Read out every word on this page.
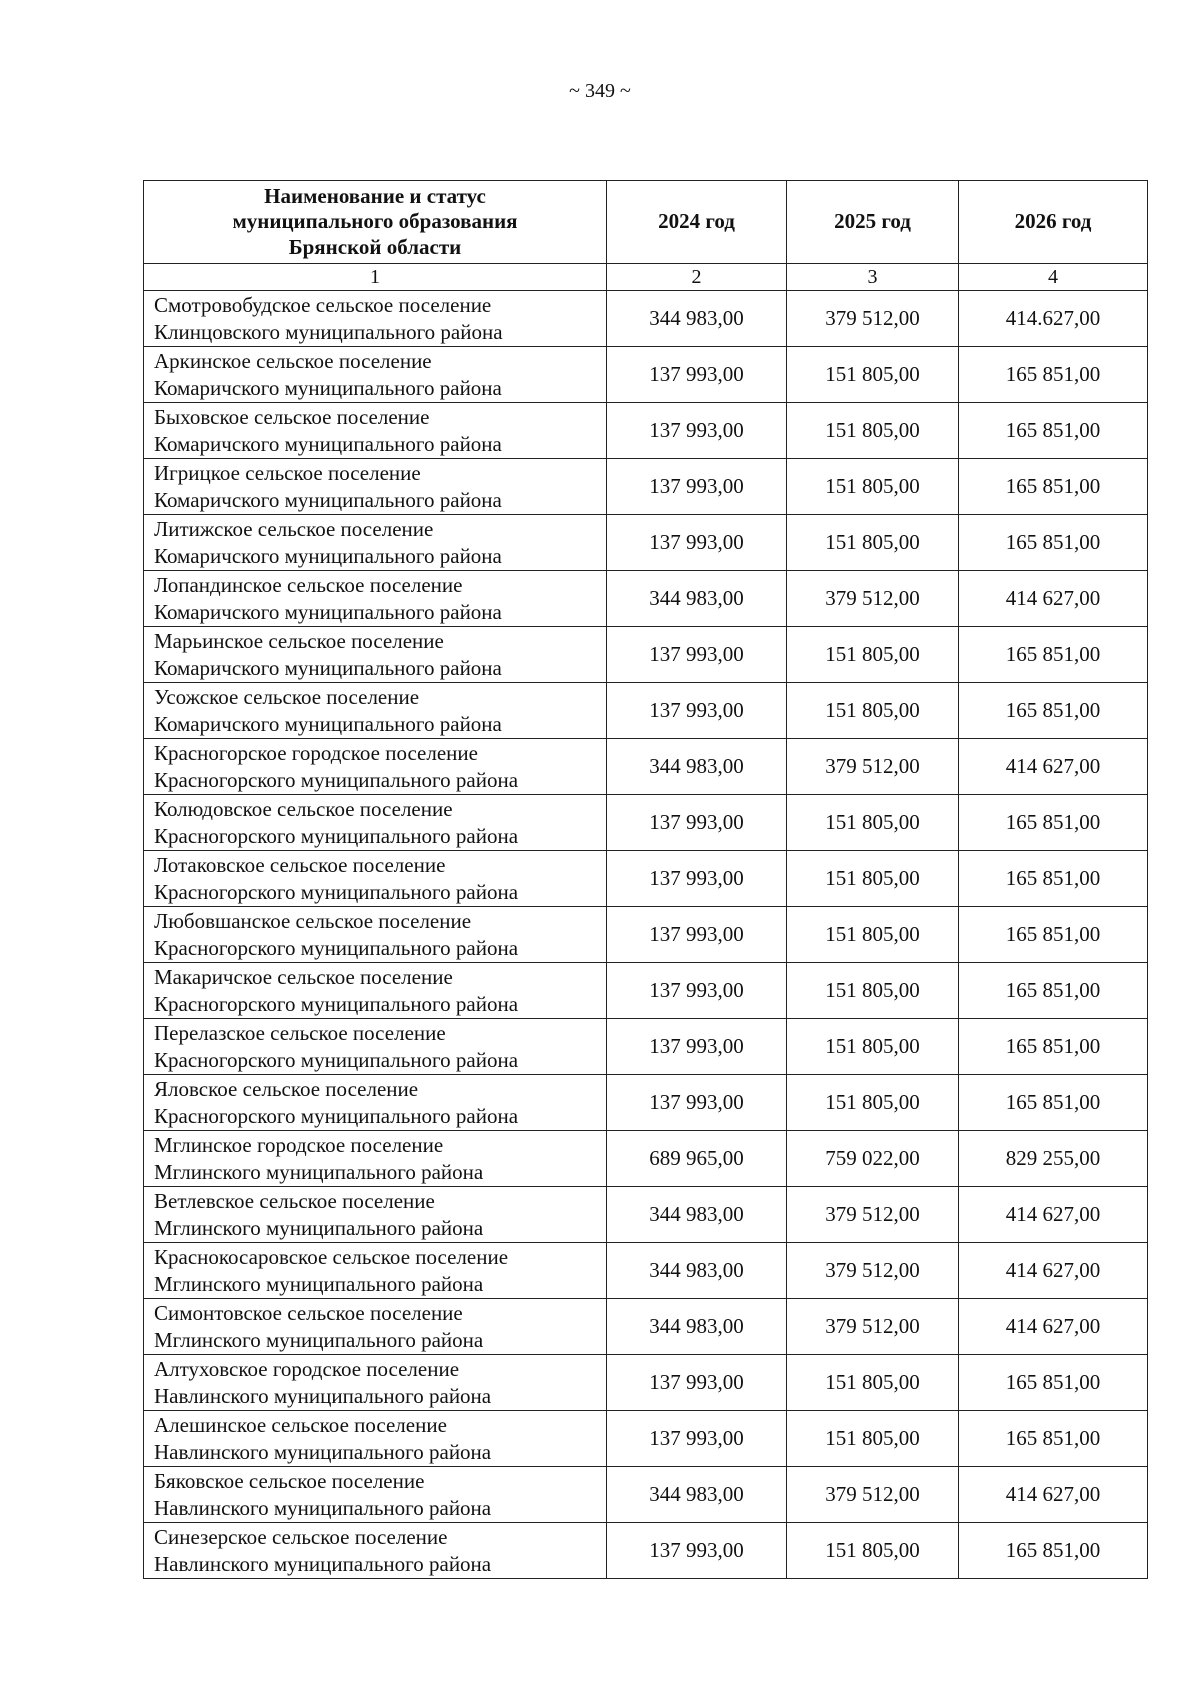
~ 349 ~
Наименование и статус
муниципального образования
Брянской области	2024 год	2025 год	2026 год
1	2	3	4

Смотровобудское сельское поселение
Клинцовского муниципального района	344 983,00	379 512,00	414.627,00

Аркинское сельское поселение
Комаричского муниципального района	137 993,00	151 805,00	165 851,00

Быховское сельское поселение
Комаричского муниципального района	137 993,00	151 805,00	165 851,00

Игрицкое сельское поселение
Комаричского муниципального района	137 993,00	151 805,00	165 851,00

Литижское сельское поселение
Комаричского муниципального района	137 993,00	151 805,00	165 851,00

Лопандинское сельское поселение
Комаричского муниципального района	344 983,00	379 512,00	414 627,00

Марьинское сельское поселение
Комаричского муниципального района	137 993,00	151 805,00	165 851,00

Усожское сельское поселение
Комаричского муниципального района	137 993,00	151 805,00	165 851,00

Красногорское городское поселение
Красногорского муниципального района	344 983,00	379 512,00	414 627,00

Колюдовское сельское поселение
Красногорского муниципального района	137 993,00	151 805,00	165 851,00

Лотаковское сельское поселение
Красногорского муниципального района	137 993,00	151 805,00	165 851,00

Любовшанское сельское поселение
Красногорского муниципального района	137 993,00	151 805,00	165 851,00

Макаричское сельское поселение
Красногорского муниципального района	137 993,00	151 805,00	165 851,00

Перелазское сельское поселение
Красногорского муниципального района	137 993,00	151 805,00	165 851,00

Яловское сельское поселение
Красногорского муниципального района	137 993,00	151 805,00	165 851,00

Мглинское городское поселение
Мглинского муниципального района	689 965,00	759 022,00	829 255,00

Ветлевское сельское поселение
Мглинского муниципального района	344 983,00	379 512,00	414 627,00

Краснокосаровское сельское поселение
Мглинского муниципального района	344 983,00	379 512,00	414 627,00

Симонтовское сельское поселение
Мглинского муниципального района	344 983,00	379 512,00	414 627,00

Алтуховское городское поселение
Навлинского муниципального района	137 993,00	151 805,00	165 851,00

Алешинское сельское поселение
Навлинского муниципального района	137 993,00	151 805,00	165 851,00

Бяковское сельское поселение
Навлинского муниципального района	344 983,00	379 512,00	414 627,00

Синезерское сельское поселение
Навлинского муниципального района	137 993,00	151 805,00	165 851,00
